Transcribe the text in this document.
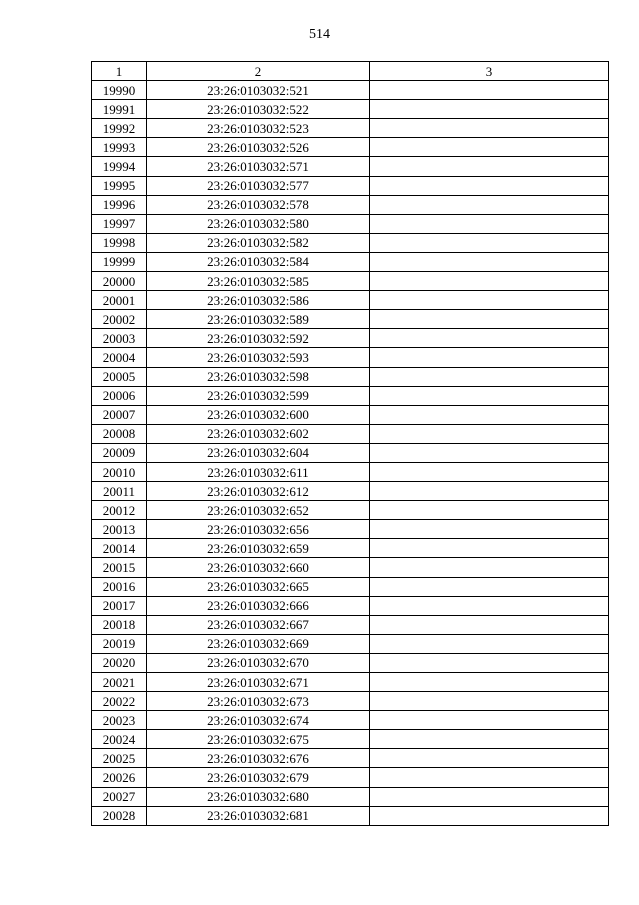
514
1	2	3
19990	23:26:0103032:521	
19991	23:26:0103032:522	
19992	23:26:0103032:523	
19993	23:26:0103032:526	
19994	23:26:0103032:571	
19995	23:26:0103032:577	
19996	23:26:0103032:578	
19997	23:26:0103032:580	
19998	23:26:0103032:582	
19999	23:26:0103032:584	
20000	23:26:0103032:585	
20001	23:26:0103032:586	
20002	23:26:0103032:589	
20003	23:26:0103032:592	
20004	23:26:0103032:593	
20005	23:26:0103032:598	
20006	23:26:0103032:599	
20007	23:26:0103032:600	
20008	23:26:0103032:602	
20009	23:26:0103032:604	
20010	23:26:0103032:611	
20011	23:26:0103032:612	
20012	23:26:0103032:652	
20013	23:26:0103032:656	
20014	23:26:0103032:659	
20015	23:26:0103032:660	
20016	23:26:0103032:665	
20017	23:26:0103032:666	
20018	23:26:0103032:667	
20019	23:26:0103032:669	
20020	23:26:0103032:670	
20021	23:26:0103032:671	
20022	23:26:0103032:673	
20023	23:26:0103032:674	
20024	23:26:0103032:675	
20025	23:26:0103032:676	
20026	23:26:0103032:679	
20027	23:26:0103032:680	
20028	23:26:0103032:681	
